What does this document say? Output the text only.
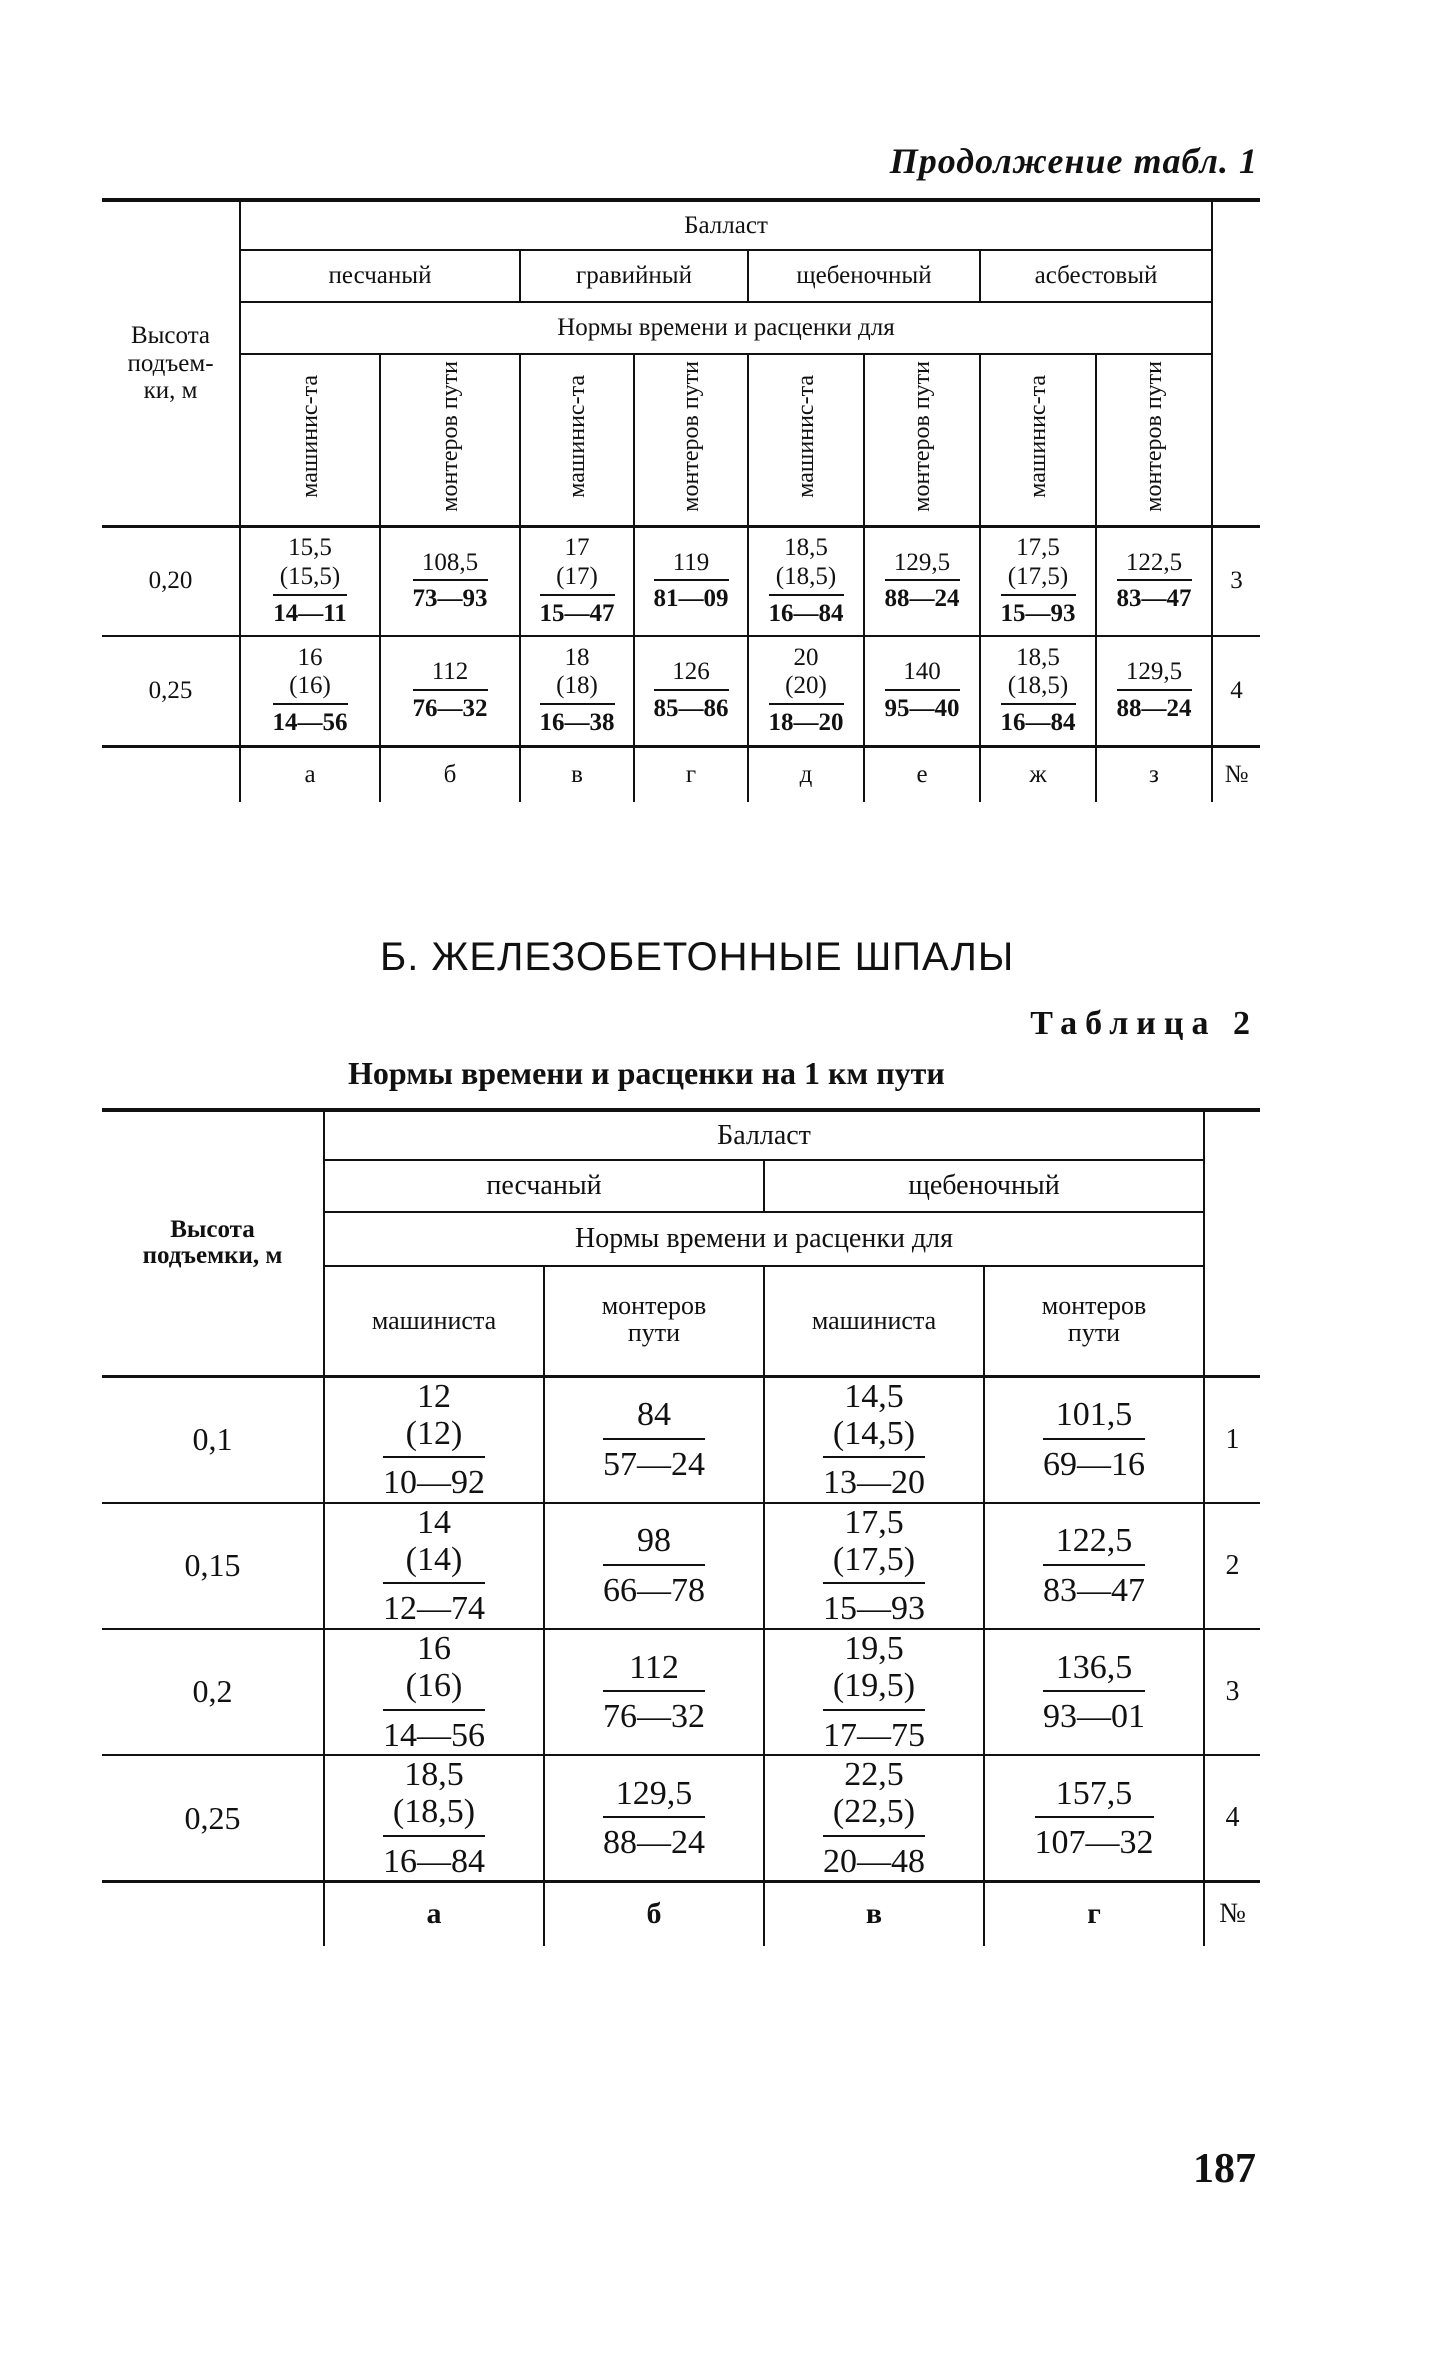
Продолжение табл. 1
Высота подъем-ки, м	Балласт								
	песчаный		гравийный		щебеночный		асбестовый		
	Нормы времени и расценки для								
	машинис-та	монтеров пути	машинис-та	монтеров пути	машинис-та	монтеров пути	машинис-та	монтеров пути	
0,20	15,5
(15,5)
14—11	$\frac{108,5}{73—93}$	17
(17)
15—47	$\frac{119}{81—09}$	18,5
(18,5)
16—84	$\frac{129,5}{88—24}$	17,5
(17,5)
15—93	$\frac{122,5}{83—47}$	3
0,25	16
(16)
14—56	$\frac{112}{76—32}$	18
(18)
16—38	$\frac{126}{85—86}$	20
(20)
18—20	$\frac{140}{95—40}$	18,5
(18,5)
16—84	$\frac{129,5}{88—24}$	4
	а	б	в	г	д	е	ж	з	№
Б. ЖЕЛЕЗОБЕТОННЫЕ ШПАЛЫ
Таблица 2
Нормы времени и расценки на 1 км пути
Высота подъемки, м	Балласт				
	песчаный		щебеночный		
	Нормы времени и расценки для				
	машиниста	монтеров пути	машиниста	монтеров пути	
0,1	12
(12)
10—92	$\frac{84}{57—24}$	14,5
(14,5)
13—20	$\frac{101,5}{69—16}$	1
0,15	14
(14)
12—74	$\frac{98}{66—78}$	17,5
(17,5)
15—93	$\frac{122,5}{83—47}$	2
0,2	16
(16)
14—56	$\frac{112}{76—32}$	19,5
(19,5)
17—75	$\frac{136,5}{93—01}$	3
0,25	18,5
(18,5)
16—84	$\frac{129,5}{88—24}$	22,5
(22,5)
20—48	$\frac{157,5}{107—32}$	4
	а	б	в	г	№
187
